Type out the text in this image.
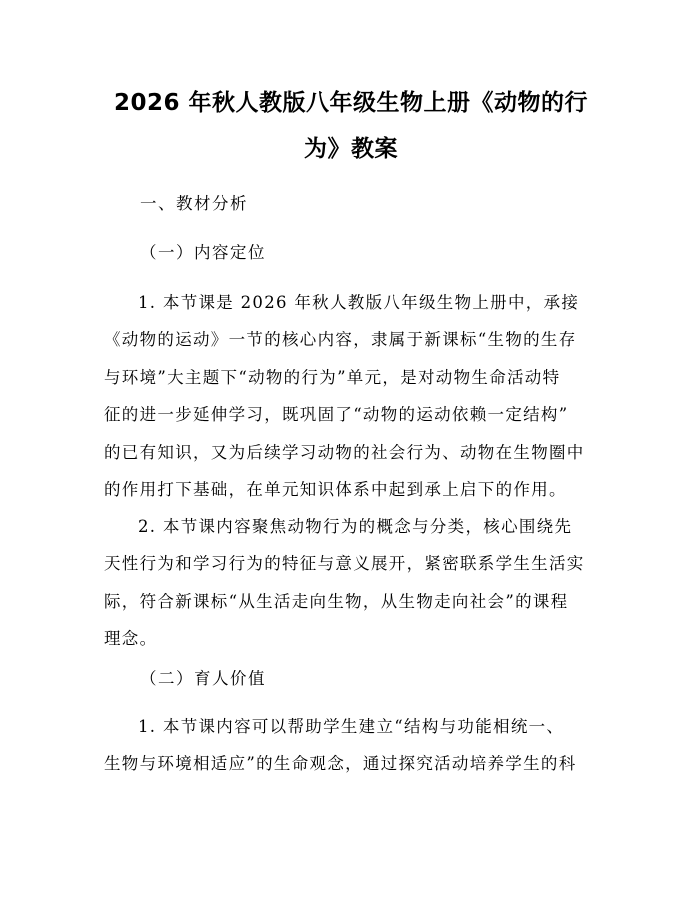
2026 年秋人教版八年级生物上册《动物的行
为》教案

一、教材分析

（一）内容定位

1. 本节课是 2026 年秋人教版八年级生物上册中，承接
《动物的运动》一节的核心内容，隶属于新课标“生物的生存
与环境”大主题下“动物的行为”单元，是对动物生命活动特
征的进一步延伸学习，既巩固了“动物的运动依赖一定结构”
的已有知识，又为后续学习动物的社会行为、动物在生物圈中
的作用打下基础，在单元知识体系中起到承上启下的作用。
2. 本节课内容聚焦动物行为的概念与分类，核心围绕先
天性行为和学习行为的特征与意义展开，紧密联系学生生活实
际，符合新课标“从生活走向生物，从生物走向社会”的课程
理念。

（二）育人价值

1. 本节课内容可以帮助学生建立“结构与功能相统一、
生物与环境相适应”的生命观念，通过探究活动培养学生的科
